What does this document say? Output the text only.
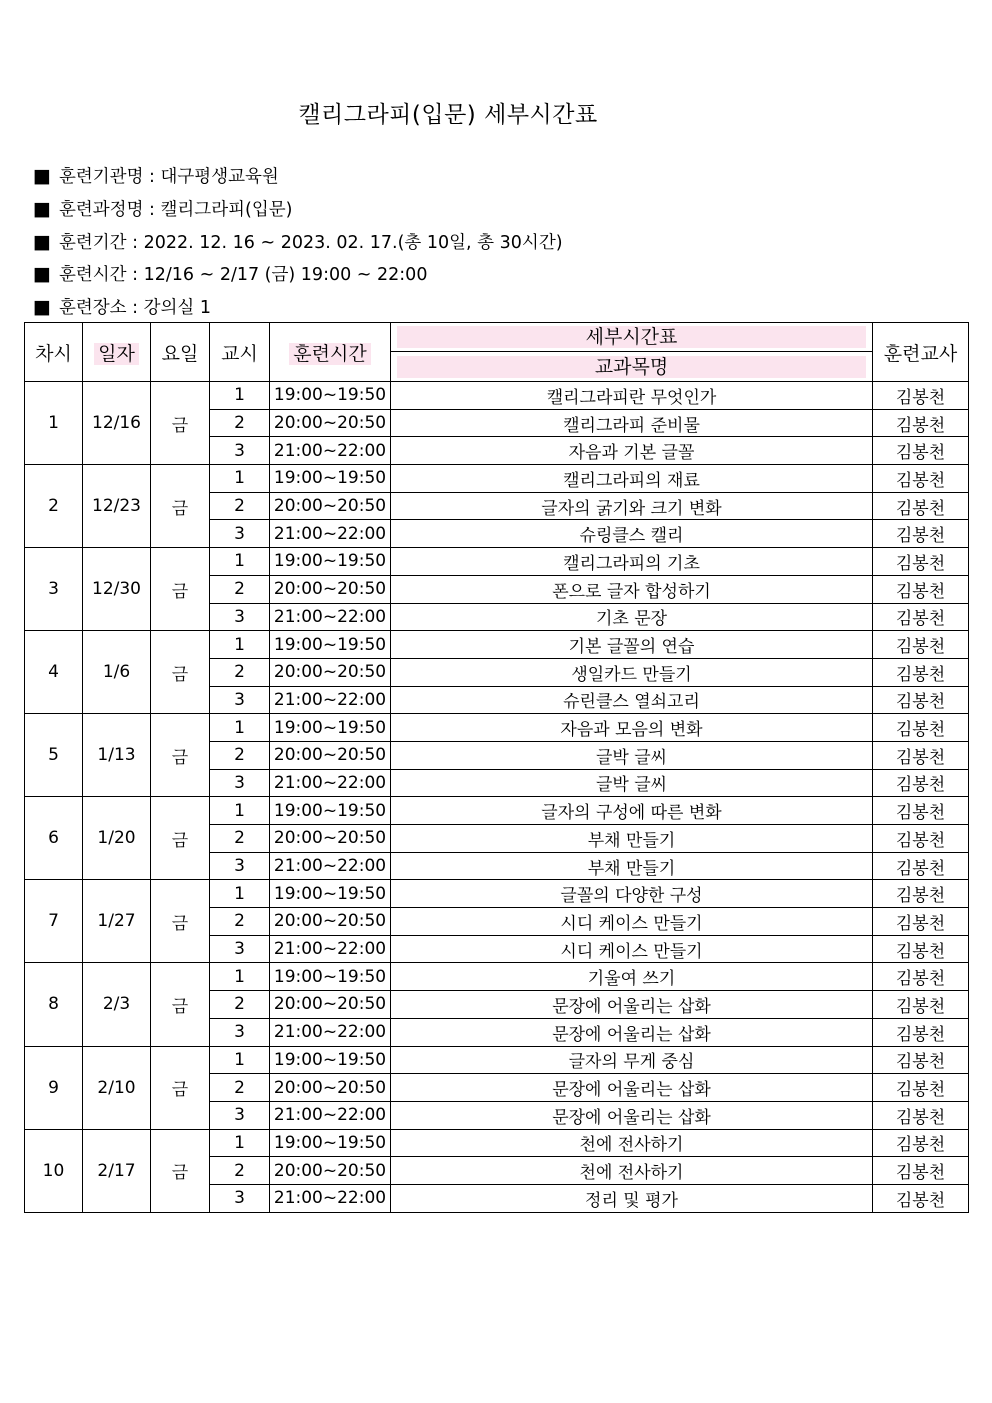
캘리그라피(입문) 세부시간표
■ 훈련기관명 : 대구평생교육원
■ 훈련과정명 : 캘리그라피(입문)
■ 훈련기간 : 2022. 12. 16 ~ 2023. 02. 17.(총 10일, 총 30시간)
■ 훈련시간 : 12/16 ~ 2/17 (금) 19:00 ~ 22:00
■ 훈련장소 : 강의실 1
차시	일자	요일	교시	훈련시간	세부시간표	훈련교사

					교과목명	

1	12/16	금	1	19:00~19:50	캘리그라피란 무엇인가	김봉천
			2	20:00~20:50	캘리그라피 준비물	김봉천
			3	21:00~22:00	자음과 기본 글꼴	김봉천
2	12/23	금	1	19:00~19:50	캘리그라피의 재료	김봉천
			2	20:00~20:50	글자의 굵기와 크기 변화	김봉천
			3	21:00~22:00	슈링클스 캘리	김봉천
3	12/30	금	1	19:00~19:50	캘리그라피의 기초	김봉천
			2	20:00~20:50	폰으로 글자 합성하기	김봉천
			3	21:00~22:00	기초 문장	김봉천
4	1/6	금	1	19:00~19:50	기본 글꼴의 연습	김봉천
			2	20:00~20:50	생일카드 만들기	김봉천
			3	21:00~22:00	슈린클스 열쇠고리	김봉천
5	1/13	금	1	19:00~19:50	자음과 모음의 변화	김봉천
			2	20:00~20:50	글박 글씨	김봉천
			3	21:00~22:00	글박 글씨	김봉천
6	1/20	금	1	19:00~19:50	글자의 구성에 따른 변화	김봉천
			2	20:00~20:50	부채 만들기	김봉천
			3	21:00~22:00	부채 만들기	김봉천
7	1/27	금	1	19:00~19:50	글꼴의 다양한 구성	김봉천
			2	20:00~20:50	시디 케이스 만들기	김봉천
			3	21:00~22:00	시디 케이스 만들기	김봉천
8	2/3	금	1	19:00~19:50	기울여 쓰기	김봉천
			2	20:00~20:50	문장에 어울리는 삽화	김봉천
			3	21:00~22:00	문장에 어울리는 삽화	김봉천
9	2/10	금	1	19:00~19:50	글자의 무게 중심	김봉천
			2	20:00~20:50	문장에 어울리는 삽화	김봉천
			3	21:00~22:00	문장에 어울리는 삽화	김봉천
10	2/17	금	1	19:00~19:50	천에 전사하기	김봉천
			2	20:00~20:50	천에 전사하기	김봉천
			3	21:00~22:00	정리 및 평가	김봉천
